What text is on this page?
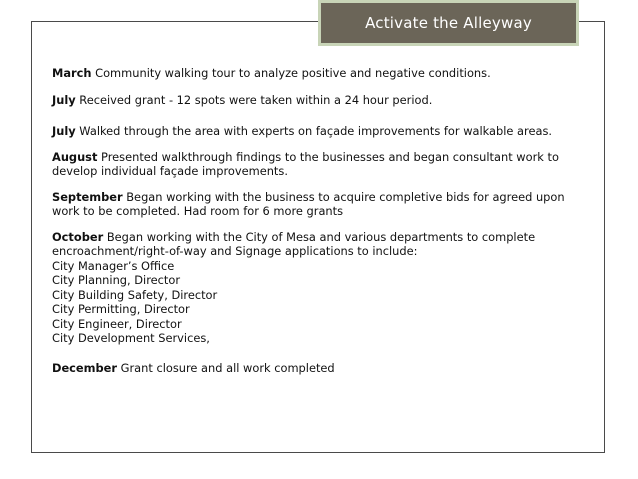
Activate the Alleyway

March Community walking tour to analyze positive and negative conditions.

July Received grant - 12 spots were taken within a 24 hour period.

July Walked through the area with experts on façade improvements for walkable areas.

August Presented walkthrough findings to the businesses and began consultant work to develop individual façade improvements.

September Began working with the business to acquire completive bids for agreed upon work to be completed. Had room for 6 more grants

October Began working with the City of Mesa and various departments to complete encroachment/right-of-way and Signage applications to include:
City Manager’s Office
City Planning, Director
City Building Safety, Director
City Permitting, Director
City Engineer, Director
City Development Services,

December Grant closure and all work completed
